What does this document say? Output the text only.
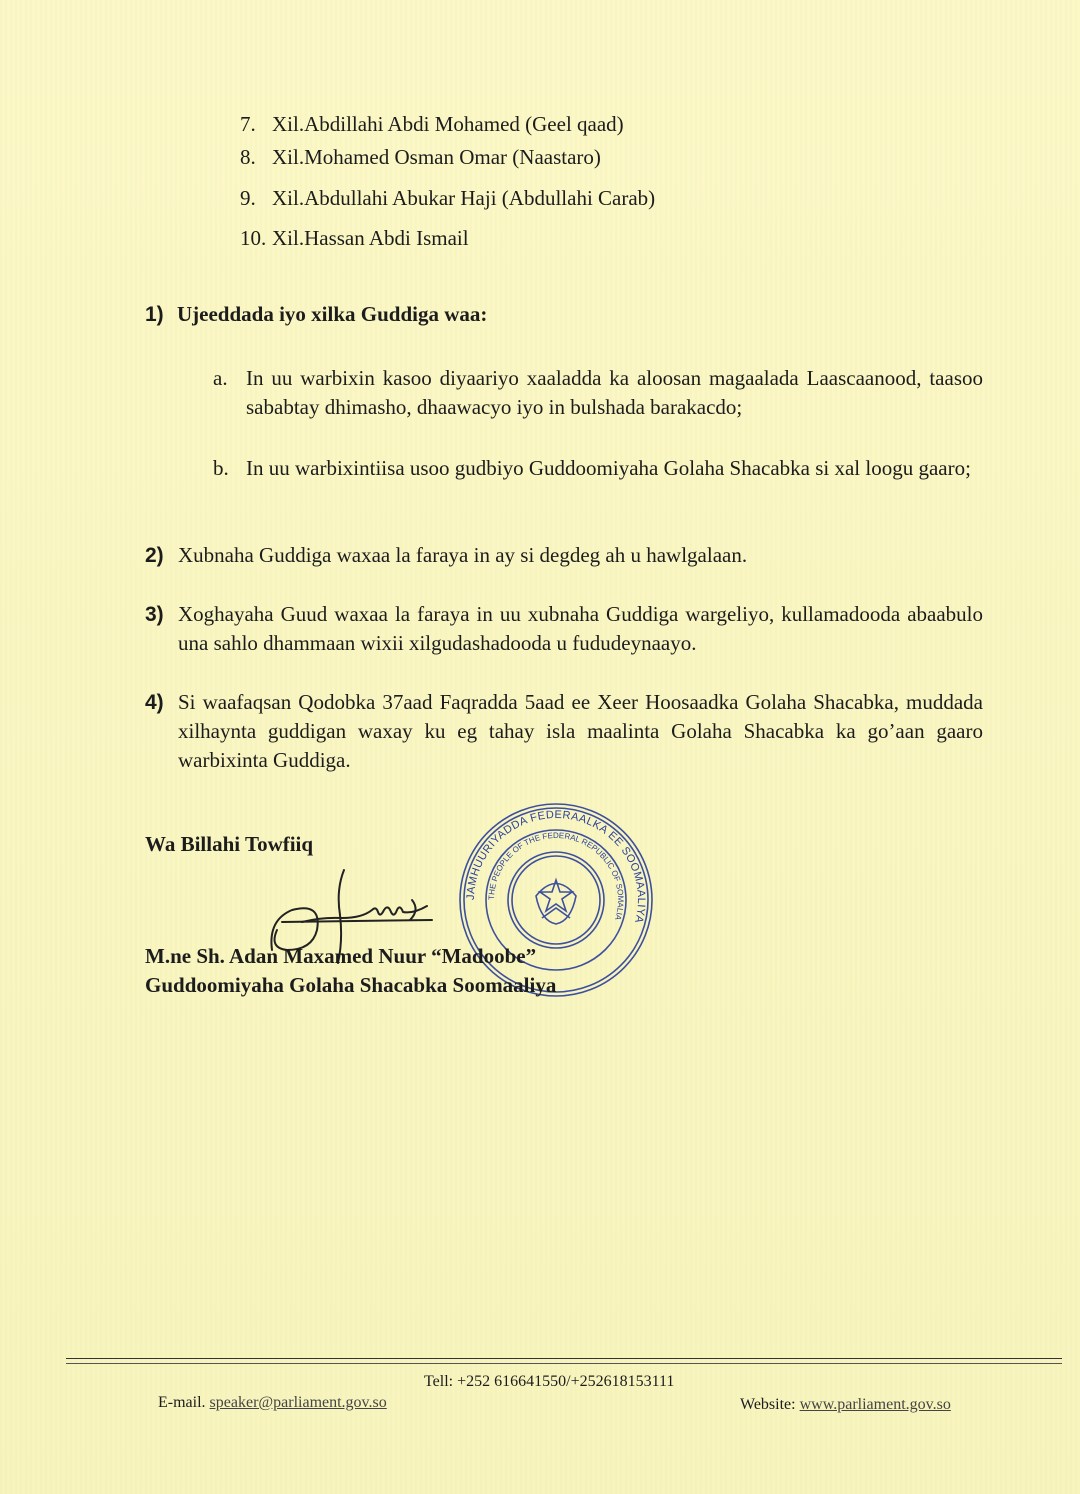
7. Xil.Abdillahi Abdi Mohamed (Geel qaad)
8. Xil.Mohamed Osman Omar (Naastaro)
9. Xil.Abdullahi Abukar Haji (Abdullahi Carab)
10. Xil.Hassan Abdi Ismail
1) Ujeeddada iyo xilka Guddiga waa:
a. In uu warbixin kasoo diyaariyo xaaladda ka aloosan magaalada Laascaanood, taasoo sababtay dhimasho, dhaawacyo iyo in bulshada barakacdo;
b. In uu warbixintiisa usoo gudbiyo Guddoomiyaha Golaha Shacabka si xal loogu gaaro;
2) Xubnaha Guddiga waxaa la faraya in ay si degdeg ah u hawlgalaan.
3) Xoghayaha Guud waxaa la faraya in uu xubnaha Guddiga wargeliyo, kullamadooda abaabulo una sahlo dhammaan wixii xilgudashadooda u fududeynaayo.
4) Si waafaqsan Qodobka 37aad Faqradda 5aad ee Xeer Hoosaadka Golaha Shacabka, muddada xilhaynta guddigan waxay ku eg tahay isla maalinta Golaha Shacabka ka go’aan gaaro warbixinta Guddiga.
Wa Billahi Towfiiq
JAMHUURIYADDA FEDERAALKA EE SOOMAALIYA
THE PEOPLE OF THE FEDERAL REPUBLIC OF SOMALIA
M.ne Sh. Adan Maxamed Nuur “Madoobe”
Guddoomiyaha Golaha Shacabka Soomaaliya
Tell: +252 616641550/+252618153111
E-mail. speaker@parliament.gov.so	Website: www.parliament.gov.so
